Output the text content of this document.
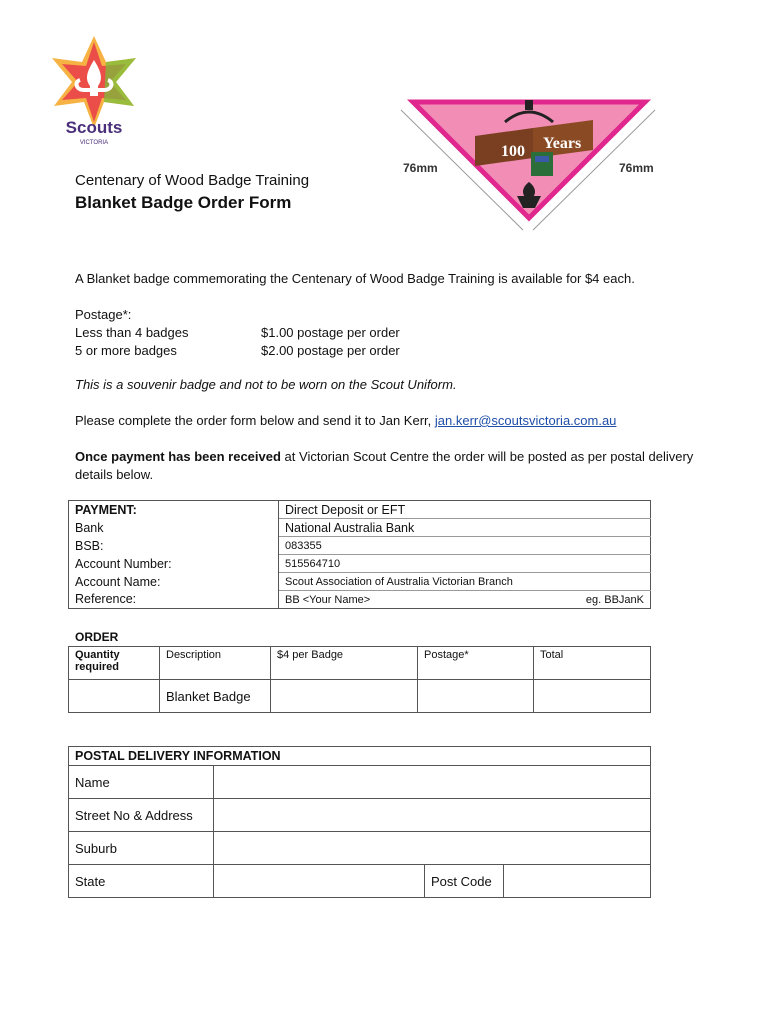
Scouts
VICTORIA	100 Years
76mm	76mm
Centenary of Wood Badge Training
Blanket Badge Order Form
A Blanket badge commemorating the Centenary of Wood Badge Training is available for $4 each.
Postage*:
Less than 4 badges	$1.00 postage per order
5 or more badges	$2.00 postage per order
This is a souvenir badge and not to be worn on the Scout Uniform.
Please complete the order form below and send it to Jan Kerr, jan.kerr@scoutsvictoria.com.au
Once payment has been received at Victorian Scout Centre the order will be posted as per postal delivery details below.
PAYMENT:	Direct Deposit or EFT
Bank	National Australia Bank
BSB:	083355
Account Number:	515564710
Account Name:	Scout Association of Australia Victorian Branch
Reference:	BB <Your Name> eg. BBJanK
ORDER
Quantity required	Description	$4 per Badge	Postage*	Total
	Blanket Badge			
POSTAL DELIVERY INFORMATION			
Name			
Street No & Address			
Suburb			
State		Post Code	
